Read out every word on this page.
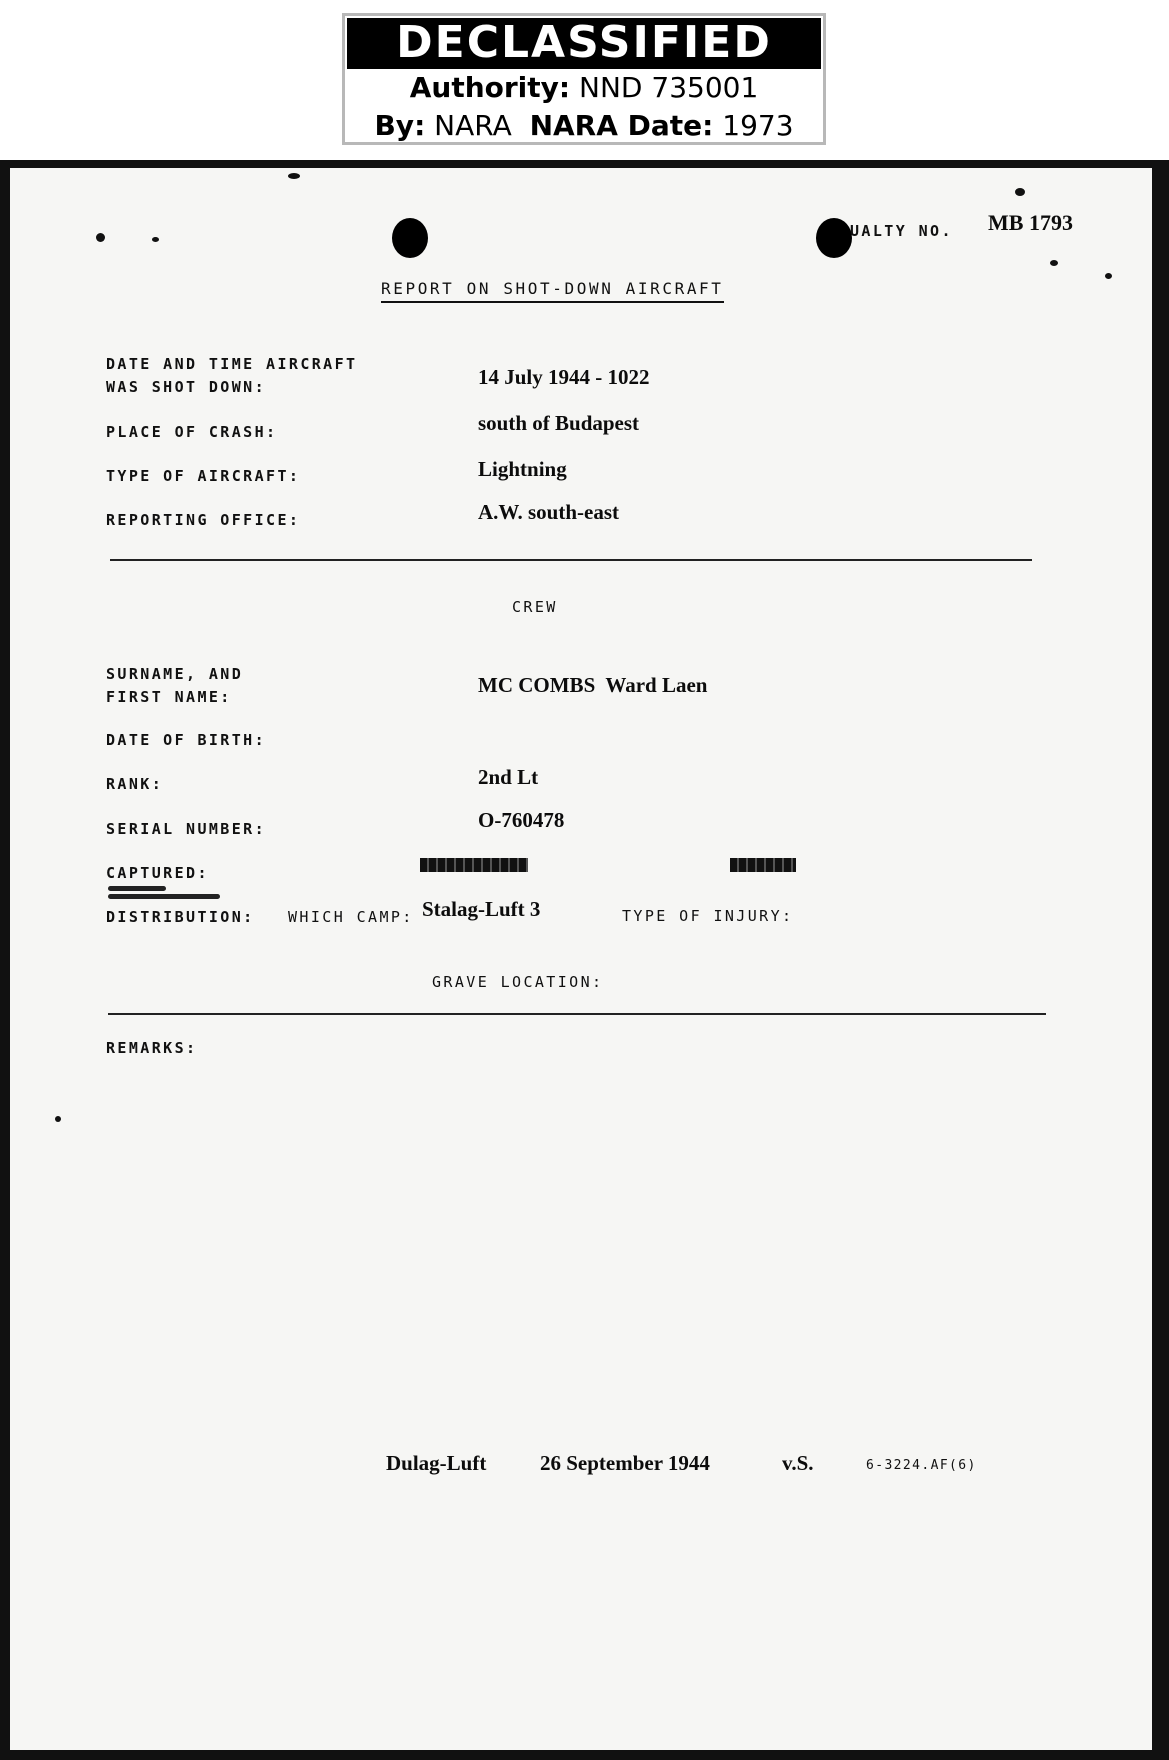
DECLASSIFIED
Authority: NND 735001
By: NARA NARA Date: 1973
UALTY NO. MB 1793
REPORT ON SHOT-DOWN AIRCRAFT
DATE AND TIME AIRCRAFT
WAS SHOT DOWN:	14 July 1944 - 1022
PLACE OF CRASH:	south of Budapest
TYPE OF AIRCRAFT:	Lightning
REPORTING OFFICE:	A.W. south-east
CREW
SURNAME, AND
FIRST NAME:	MC COMBS  Ward Laen
DATE OF BIRTH:
RANK:	2nd Lt
SERIAL NUMBER:	O-760478
CAPTURED:
DISTRIBUTION: WHICH CAMP: Stalag-Luft 3	TYPE OF INJURY:
GRAVE LOCATION:
REMARKS:
Dulag-Luft	26 September 1944	v.S.	6-3224.AF(6)
